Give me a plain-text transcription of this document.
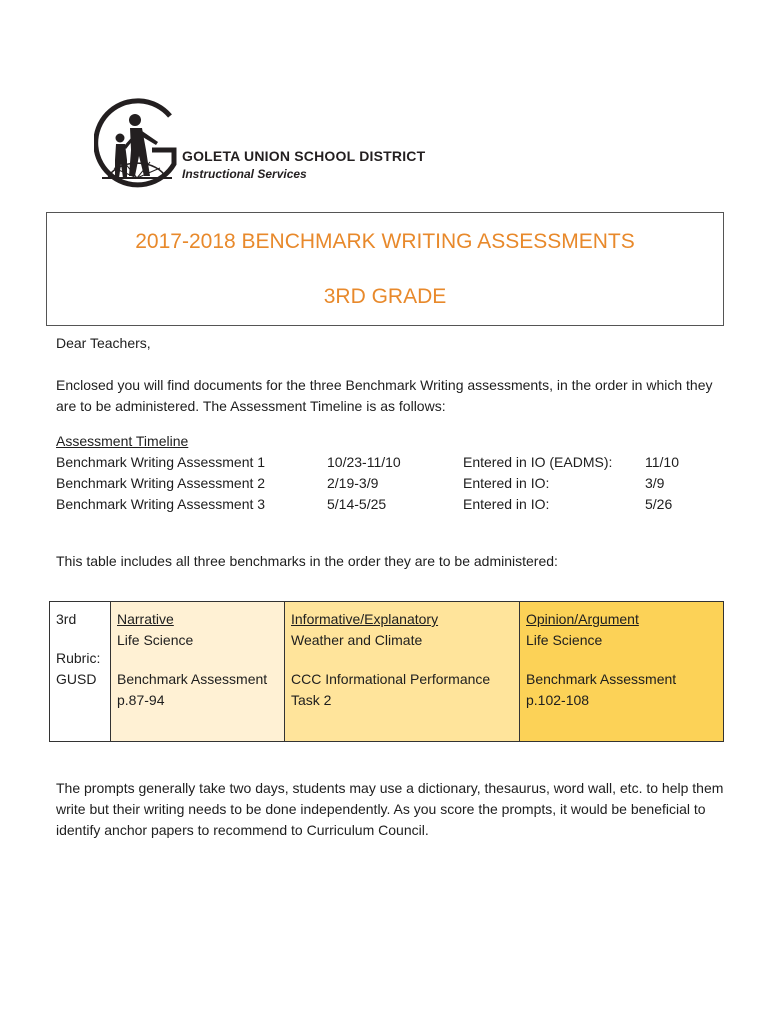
GOLETA UNION SCHOOL DISTRICT
Instructional Services
2017-2018 BENCHMARK WRITING ASSESSMENTS
3RD GRADE
Dear Teachers,
Enclosed you will find documents for the three Benchmark Writing assessments, in the order in which they are to be administered. The Assessment Timeline is as follows:
Assessment Timeline
Benchmark Writing Assessment 1	10/23-11/10	Entered in IO (EADMS): 11/10
Benchmark Writing Assessment 2	2/19-3/9	Entered in IO:	3/9
Benchmark Writing Assessment 3	5/14-5/25	Entered in IO:	5/26
This table includes all three benchmarks in the order they are to be administered:
3rd
Rubric:
GUSD

Narrative
Life Science
Benchmark Assessment
p.87-94

Informative/Explanatory
Weather and Climate
CCC Informational Performance
Task 2

Opinion/Argument
Life Science
Benchmark Assessment
p.102-108
The prompts generally take two days, students may use a dictionary, thesaurus, word wall, etc. to help them write but their writing needs to be done independently. As you score the prompts, it would be beneficial to identify anchor papers to recommend to Curriculum Council.
